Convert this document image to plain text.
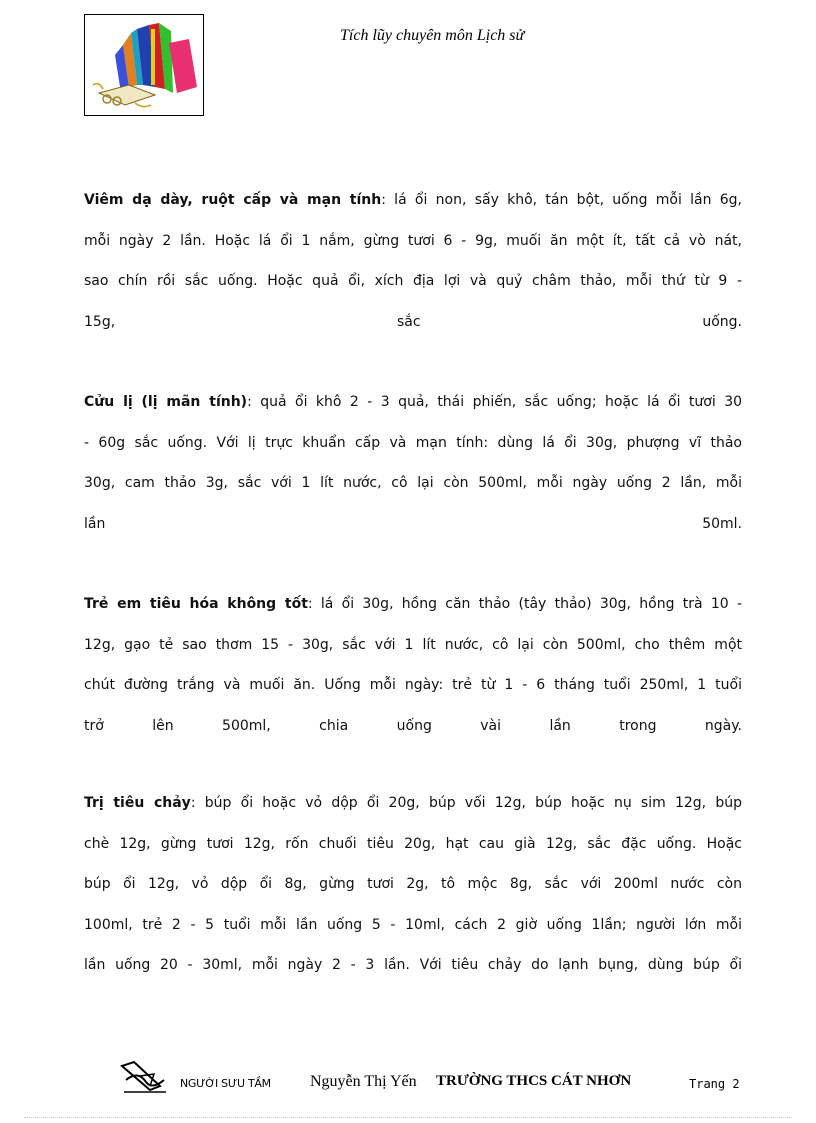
Tích lũy chuyên môn Lịch sử

Viêm dạ dày, ruột cấp và mạn tính: lá ổi non, sấy khô, tán bột, uống mỗi lần 6g,

mỗi ngày 2 lần. Hoặc lá ổi 1 nắm, gừng tươi 6 - 9g, muối ăn một ít, tất cả vò nát,

sao chín rồi sắc uống. Hoặc quả ổi, xích địa lợi và quỷ châm thảo, mỗi thứ từ 9 -

15g, sắc uống.

Cửu lị (lị mãn tính): quả ổi khô 2 - 3 quả, thái phiến, sắc uống; hoặc lá ổi tươi 30

- 60g sắc uống. Với lị trực khuẩn cấp và mạn tính: dùng lá ổi 30g, phượng vĩ thảo

30g, cam thảo 3g, sắc với 1 lít nước, cô lại còn 500ml, mỗi ngày uống 2 lần, mỗi

lần 50ml.

Trẻ em tiêu hóa không tốt: lá ổi 30g, hồng căn thảo (tây thảo) 30g, hồng trà 10 -

12g, gạo tẻ sao thơm 15 - 30g, sắc với 1 lít nước, cô lại còn 500ml, cho thêm một

chút đường trắng và muối ăn. Uống mỗi ngày: trẻ từ 1 - 6 tháng tuổi 250ml, 1 tuổi

trở lên 500ml, chia uống vài lần trong ngày.

Trị tiêu chảy: búp ổi hoặc vỏ dộp ổi 20g, búp vối 12g, búp hoặc nụ sim 12g, búp

chè 12g, gừng tươi 12g, rốn chuối tiêu 20g, hạt cau già 12g, sắc đặc uống. Hoặc

búp ổi 12g, vỏ dộp ổi 8g, gừng tươi 2g, tô mộc 8g, sắc với 200ml nước còn

100ml, trẻ 2 - 5 tuổi mỗi lần uống 5 - 10ml, cách 2 giờ uống 1lần; người lớn mỗi

lần uống 20 - 30ml, mỗi ngày 2 - 3 lần. Với tiêu chảy do lạnh bụng, dùng búp ổi

NGƯỜI SƯU TẦM Nguyễn Thị Yến TRƯỜNG THCS CÁT NHƠN	Trang 2
